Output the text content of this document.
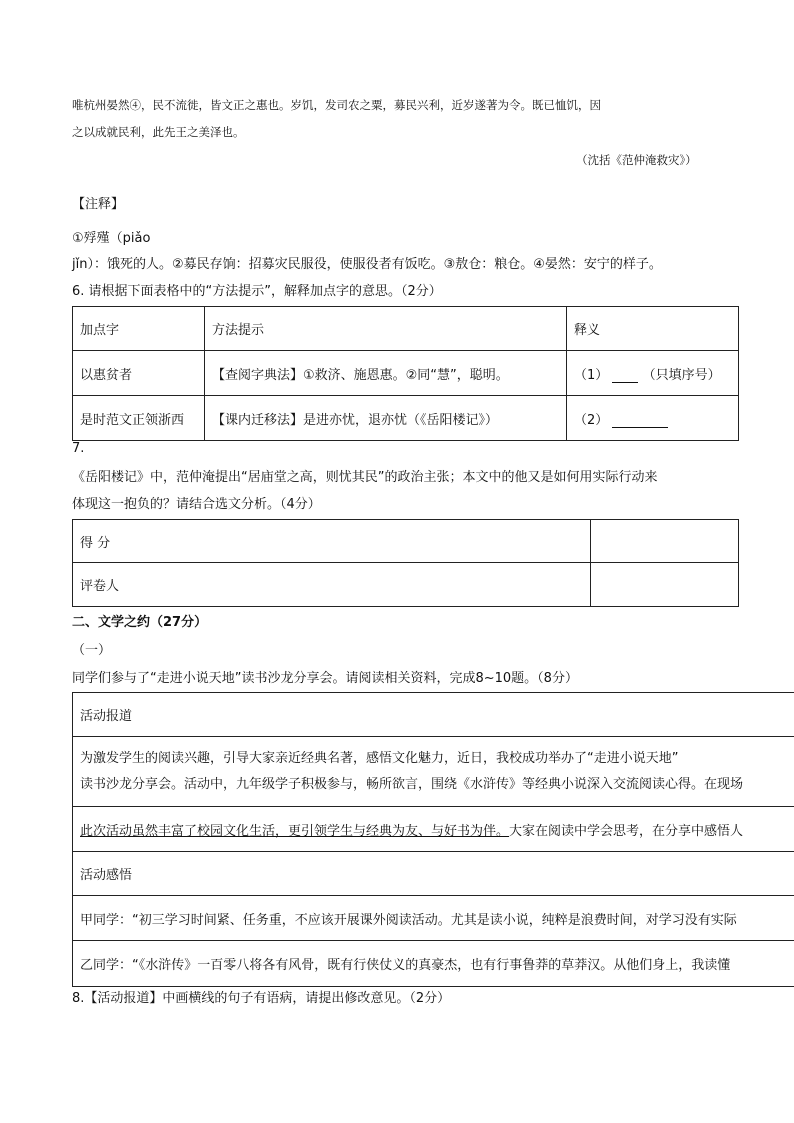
唯杭州晏然④，民不流徙，皆文正之惠也。岁饥，发司农之粟，募民兴利，近岁遂著为令。既已恤饥，因
之以成就民利，此先王之美泽也。
（沈括《范仲淹救灾》）
【注释】
①殍殣（piǎo
jǐn）：饿死的人。②募民存饷：招募灾民服役，使服役者有饭吃。③敖仓：粮仓。④晏然：安宁的样子。
6. 请根据下面表格中的“方法提示”，解释加点字的意思。（2分）
加点字	方法提示	释义
以惠贫者	【查阅字典法】①救济、施恩惠。②同“慧”，聪明。	（1） （只填序号）
是时范文正领浙西	【课内迁移法】是进亦忧，退亦忧（《岳阳楼记》）	（2）
7.
《岳阳楼记》中，范仲淹提出“居庙堂之高，则忧其民”的政治主张；本文中的他又是如何用实际行动来
体现这一抱负的？请结合选文分析。（4分）
得 分	
评卷人	
二、文学之约（27分）
（一）
同学们参与了“走进小说天地”读书沙龙分享会。请阅读相关资料，完成8~10题。（8分）
活动报道

为激发学生的阅读兴趣，引导大家亲近经典名著，感悟文化魅力，近日，我校成功举办了“走进小说天地”
读书沙龙分享会。活动中，九年级学子积极参与，畅所欲言，围绕《水浒传》等经典小说深入交流阅读心得。在现场

此次活动虽然丰富了校园文化生活，更引领学生与经典为友、与好书为伴。大家在阅读中学会思考，在分享中感悟人
活动感悟
甲同学：“初三学习时间紧、任务重，不应该开展课外阅读活动。尤其是读小说，纯粹是浪费时间，对学习没有实际
乙同学：“《水浒传》一百零八将各有风骨，既有行侠仗义的真豪杰，也有行事鲁莽的草莽汉。从他们身上，我读懂
8.【活动报道】中画横线的句子有语病，请提出修改意见。（2分）
